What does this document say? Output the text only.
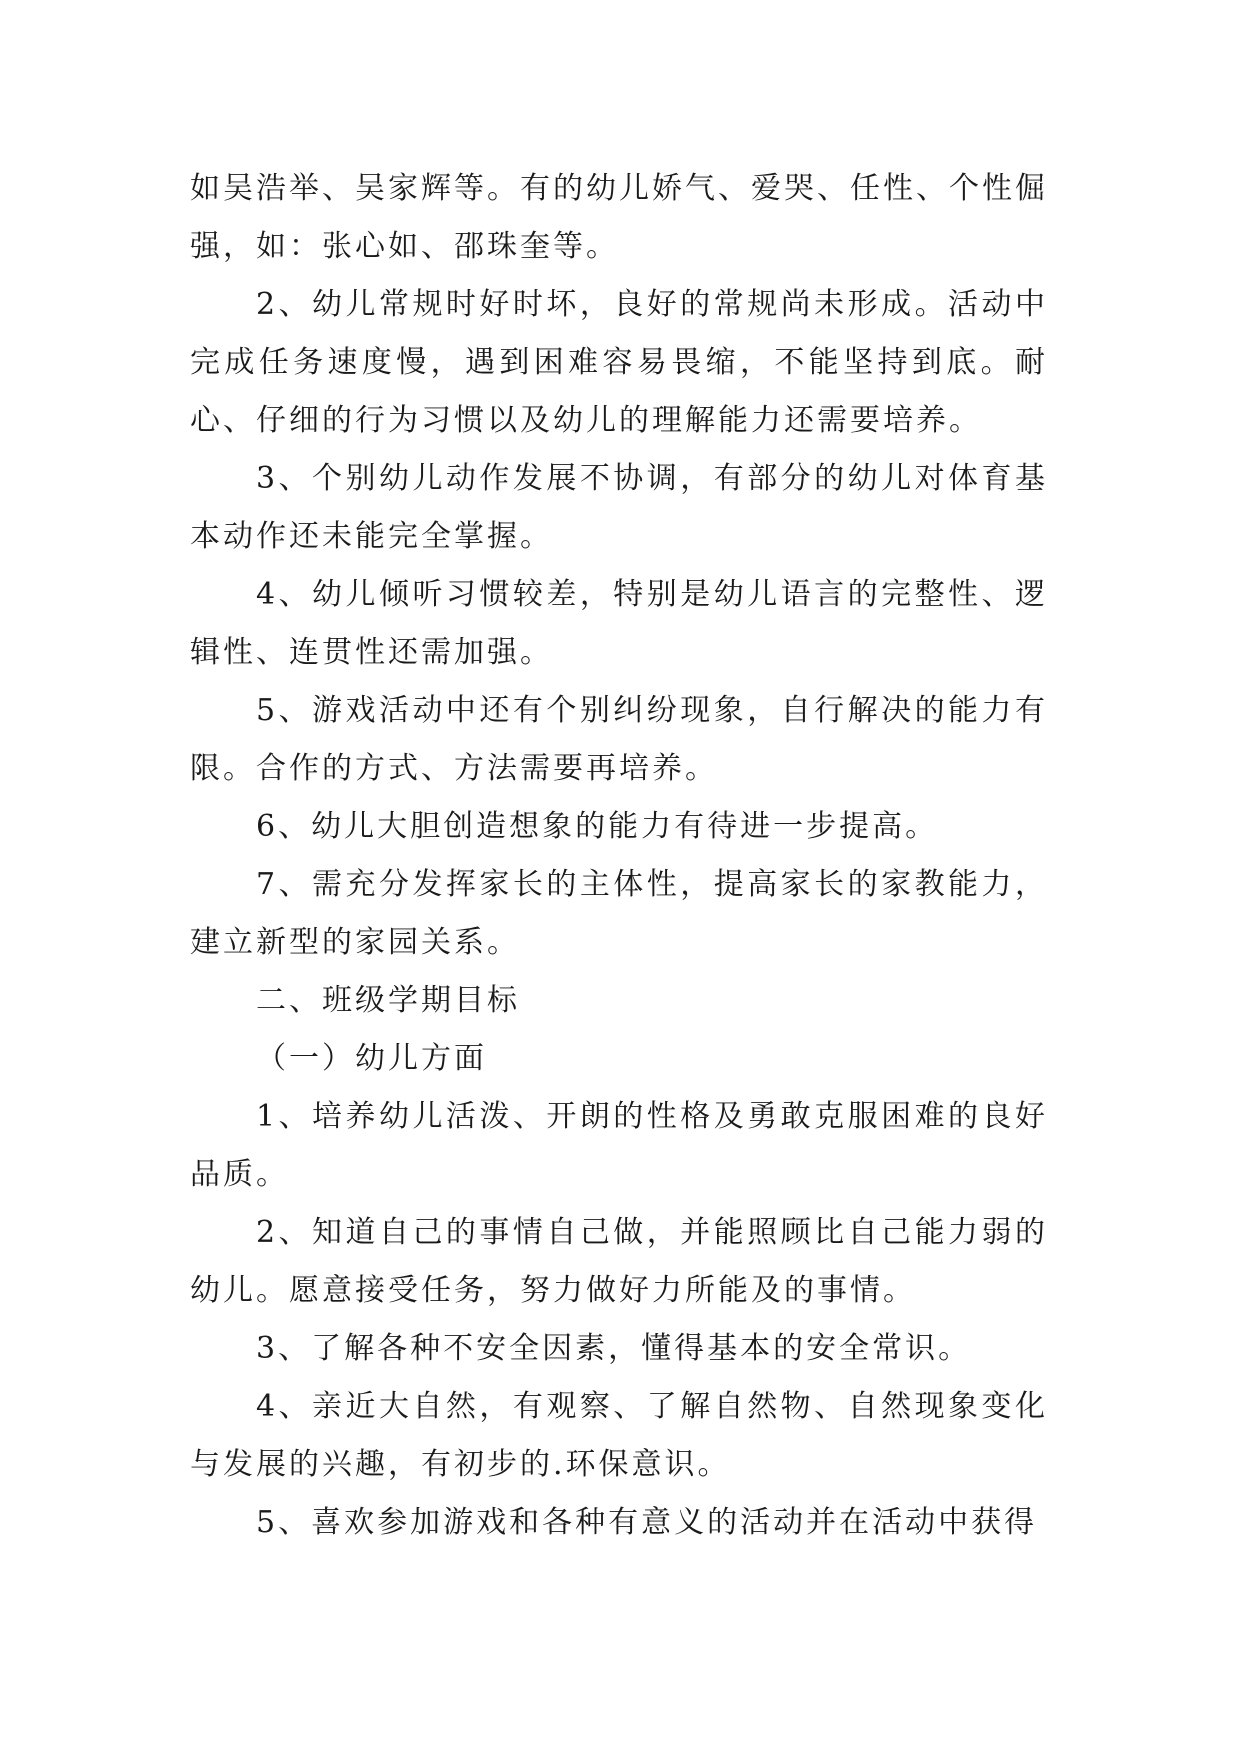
如吴浩举、吴家辉等。有的幼儿娇气、爱哭、任性、个性倔强，如：张心如、邵珠奎等。

2、幼儿常规时好时坏，良好的常规尚未形成。活动中完成任务速度慢，遇到困难容易畏缩，不能坚持到底。耐心、仔细的行为习惯以及幼儿的理解能力还需要培养。

3、个别幼儿动作发展不协调，有部分的幼儿对体育基本动作还未能完全掌握。

4、幼儿倾听习惯较差，特别是幼儿语言的完整性、逻辑性、连贯性还需加强。

5、游戏活动中还有个别纠纷现象，自行解决的能力有限。合作的方式、方法需要再培养。

6、幼儿大胆创造想象的能力有待进一步提高。

7、需充分发挥家长的主体性，提高家长的家教能力，建立新型的家园关系。

二、班级学期目标

（一）幼儿方面

1、培养幼儿活泼、开朗的性格及勇敢克服困难的良好品质。

2、知道自己的事情自己做，并能照顾比自己能力弱的幼儿。愿意接受任务，努力做好力所能及的事情。

3、了解各种不安全因素，懂得基本的安全常识。

4、亲近大自然，有观察、了解自然物、自然现象变化与发展的兴趣，有初步的.环保意识。

5、喜欢参加游戏和各种有意义的活动并在活动中获得
